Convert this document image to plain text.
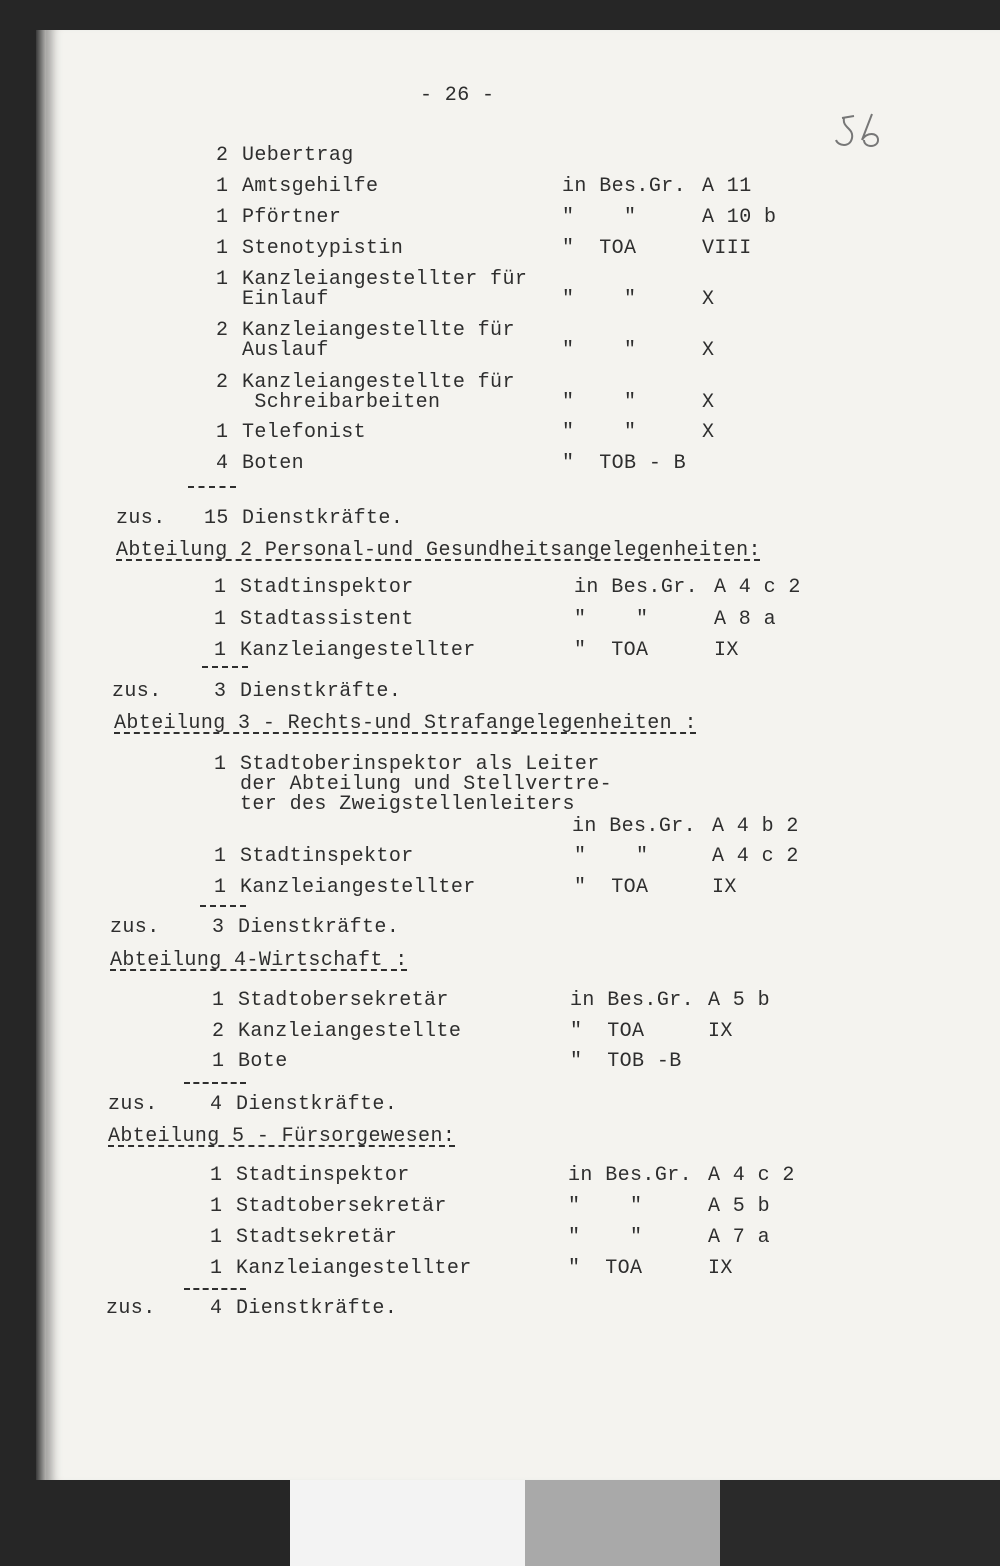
- 26 -
2 Uebertrag
1 Amtsgehilfe	in Bes.Gr. A 11
1 Pförtner	"    "	A 10 b
1 Stenotypistin	"  TOA	VIII
1 Kanzleiangestellter für
Einlauf	"    "	X
2 Kanzleiangestellte für
Auslauf	"    "	X
2 Kanzleiangestellte für
Schreibarbeiten	"    "	X
1 Telefonist	"    "	X
4 Boten	"  TOB - B
zus. 15 Dienstkräfte.
Abteilung 2 Personal-und Gesundheitsangelegenheiten:
1 Stadtinspektor	in Bes.Gr. A 4 c 2
1 Stadtassistent	"    "	A 8 a
1 Kanzleiangestellter	"  TOA	IX
zus.	3 Dienstkräfte.
Abteilung 3 - Rechts-und Strafangelegenheiten :
1 Stadtoberinspektor als Leiter
der Abteilung und Stellvertre-
ter des Zweigstellenleiters
in Bes.Gr. A 4 b 2
1 Stadtinspektor	"    "	A 4 c 2
1 Kanzleiangestellter	"  TOA	IX
zus.	3 Dienstkräfte.
Abteilung 4-Wirtschaft :
1 Stadtobersekretär	in Bes.Gr. A 5 b
2 Kanzleiangestellte	"  TOA	IX
1 Bote	"  TOB -B
zus.	4 Dienstkräfte.
Abteilung 5 - Fürsorgewesen:
1 Stadtinspektor	in Bes.Gr. A 4 c 2
1 Stadtobersekretär	"    "	A 5 b
1 Stadtsekretär	"    "	A 7 a
1 Kanzleiangestellter	"  TOA	IX
zus.	4 Dienstkräfte.
